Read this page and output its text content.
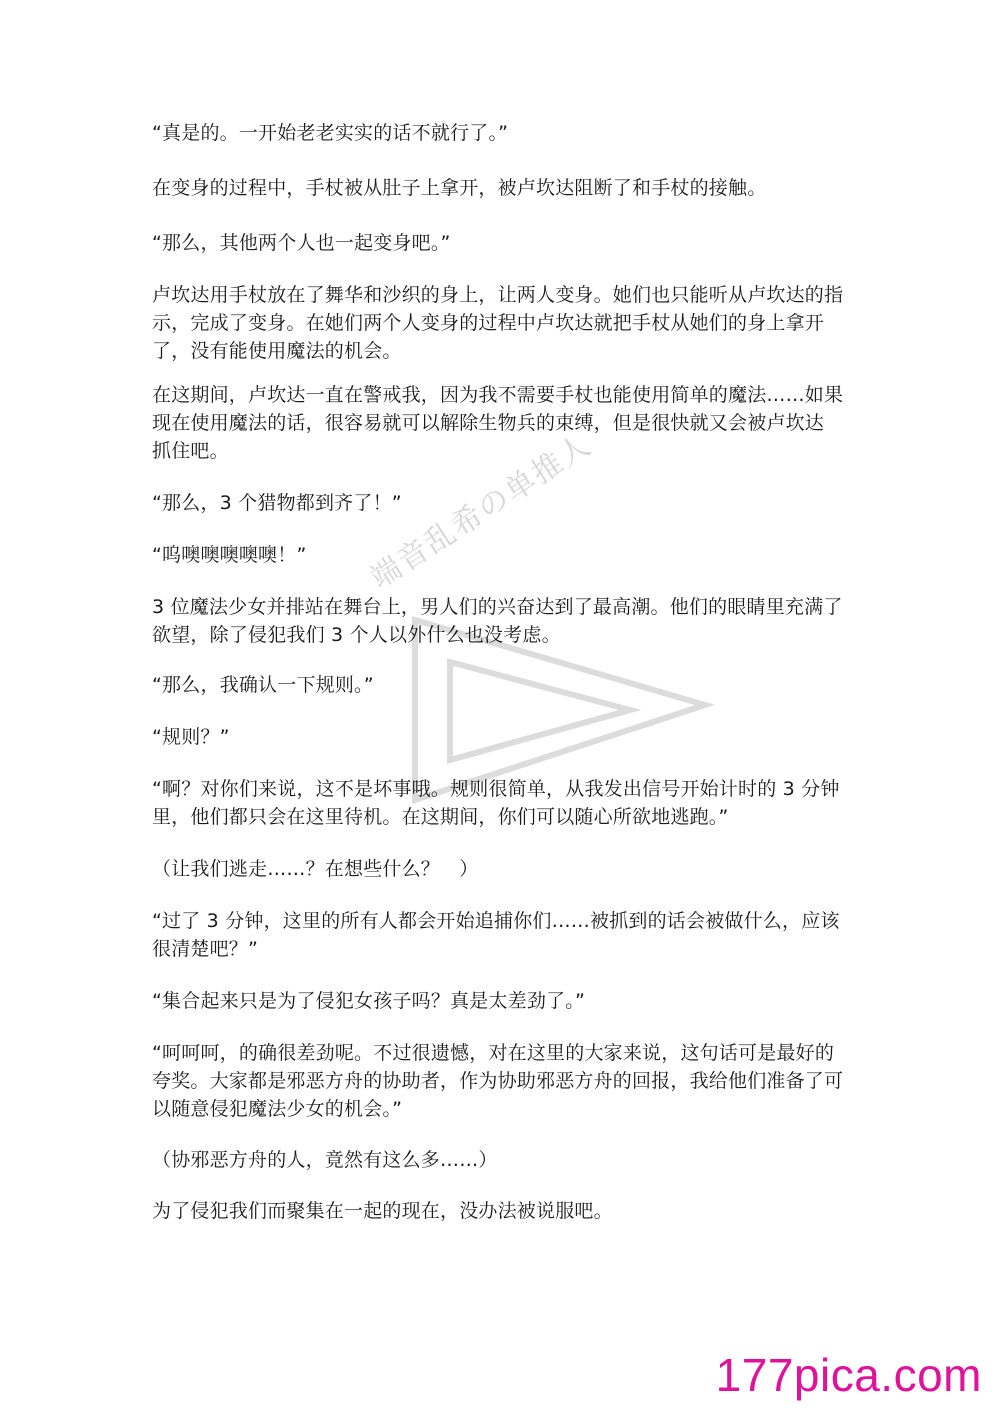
端音乱希の单推人

“真是的。一开始老老实实的话不就行了。”

在变身的过程中，手杖被从肚子上拿开，被卢坎达阻断了和手杖的接触。

“那么，其他两个人也一起变身吧。”

卢坎达用手杖放在了舞华和沙织的身上，让两人变身。她们也只能听从卢坎达的指示，完成了变身。在她们两个人变身的过程中卢坎达就把手杖从她们的身上拿开了，没有能使用魔法的机会。

在这期间，卢坎达一直在警戒我，因为我不需要手杖也能使用简单的魔法……如果现在使用魔法的话，很容易就可以解除生物兵的束缚，但是很快就又会被卢坎达　抓住吧。

“那么，3 个猎物都到齐了！”

“呜噢噢噢噢噢！”

3 位魔法少女并排站在舞台上，男人们的兴奋达到了最高潮。他们的眼睛里充满了欲望，除了侵犯我们 3 个人以外什么也没考虑。

“那么，我确认一下规则。”

“规则？”

“啊？对你们来说，这不是坏事哦。规则很简单，从我发出信号开始计时的 3 分钟里，他们都只会在这里待机。在这期间，你们可以随心所欲地逃跑。”

（让我们逃走……？在想些什么？　）

“过了 3 分钟，这里的所有人都会开始追捕你们……被抓到的话会被做什么，应该很清楚吧？”

“集合起来只是为了侵犯女孩子吗？真是太差劲了。”

“呵呵呵，的确很差劲呢。不过很遗憾，对在这里的大家来说，这句话可是最好的夸奖。大家都是邪恶方舟的协助者，作为协助邪恶方舟的回报，我给他们准备了可以随意侵犯魔法少女的机会。”

（协邪恶方舟的人，竟然有这么多……）

为了侵犯我们而聚集在一起的现在，没办法被说服吧。

177pica.com
